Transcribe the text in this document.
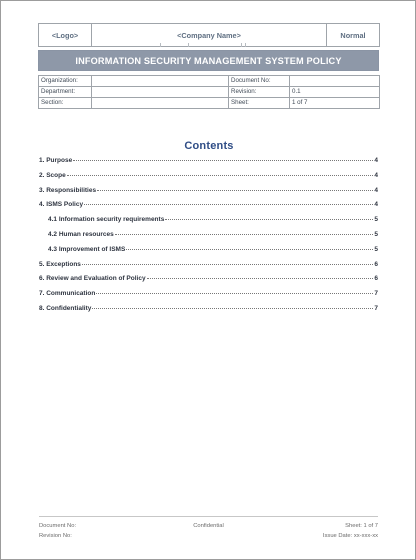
<Logo>	<Company Name>	Normal
INFORMATION SECURITY MANAGEMENT SYSTEM POLICY
Organization:		Document No:	
Department:		Revision:	0.1
Section:		Sheet:	1 of 7
Contents
1. Purpose	4
2. Scope	4
3. Responsibilities	4
4. ISMS Policy	4
4.1 Information security requirements	5
4.2 Human resources	5
4.3 Improvement of ISMS	5
5. Exceptions	6
6. Review and Evaluation of Policy	6
7. Communication	7
8. Confidentiality	7
Document No:
Revision No:
Confidential	Sheet: 1 of 7
Issue Date: xx-xxx-xx
